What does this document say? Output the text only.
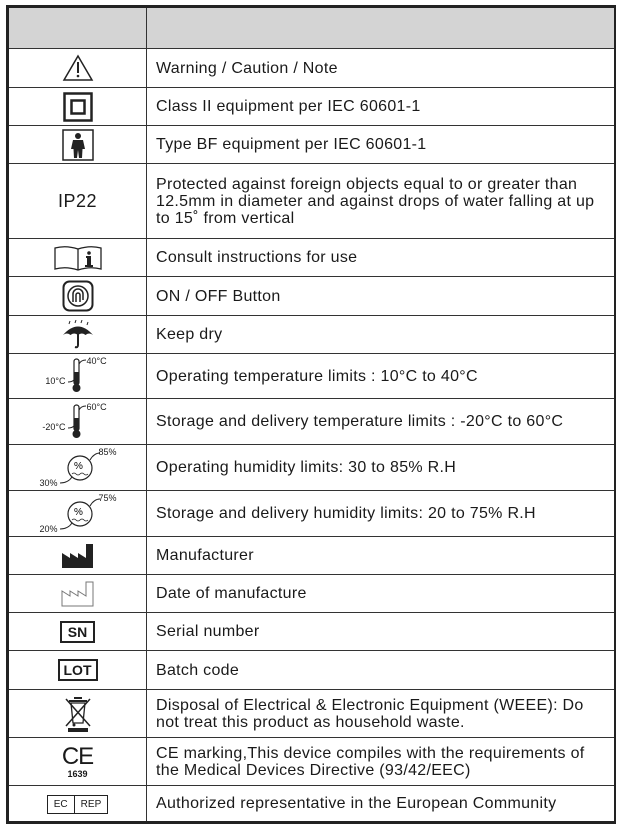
	Warning / Caution / Note

	Class II equipment per IEC 60601-1

	Type BF equipment per IEC 60601-1
IP22	Protected against foreign objects equal to or greater than 12.5mm in diameter and against drops of water falling at up to 15˚ from vertical

	Consult instructions for use

	ON / OFF Button

	Keep dry

40°C
10°C	Operating temperature limits : 10°C to 40°C

60°C
-20°C	Storage and delivery temperature limits : -20°C to 60°C

%
85%
30%	Operating humidity limits: 30 to 85% R.H

%
75%
20%	Storage and delivery humidity limits: 20 to 75% R.H

	Manufacturer

	Date of manufacture
SN	Serial number
LOT	Batch code

	Disposal of Electrical & Electronic Equipment (WEEE): Do not treat this product as household waste.

CE
1639	CE marking,This device compiles with the requirements of the Medical Devices Directive (93/42/EEC)

EC REP	Authorized representative in the European Community
